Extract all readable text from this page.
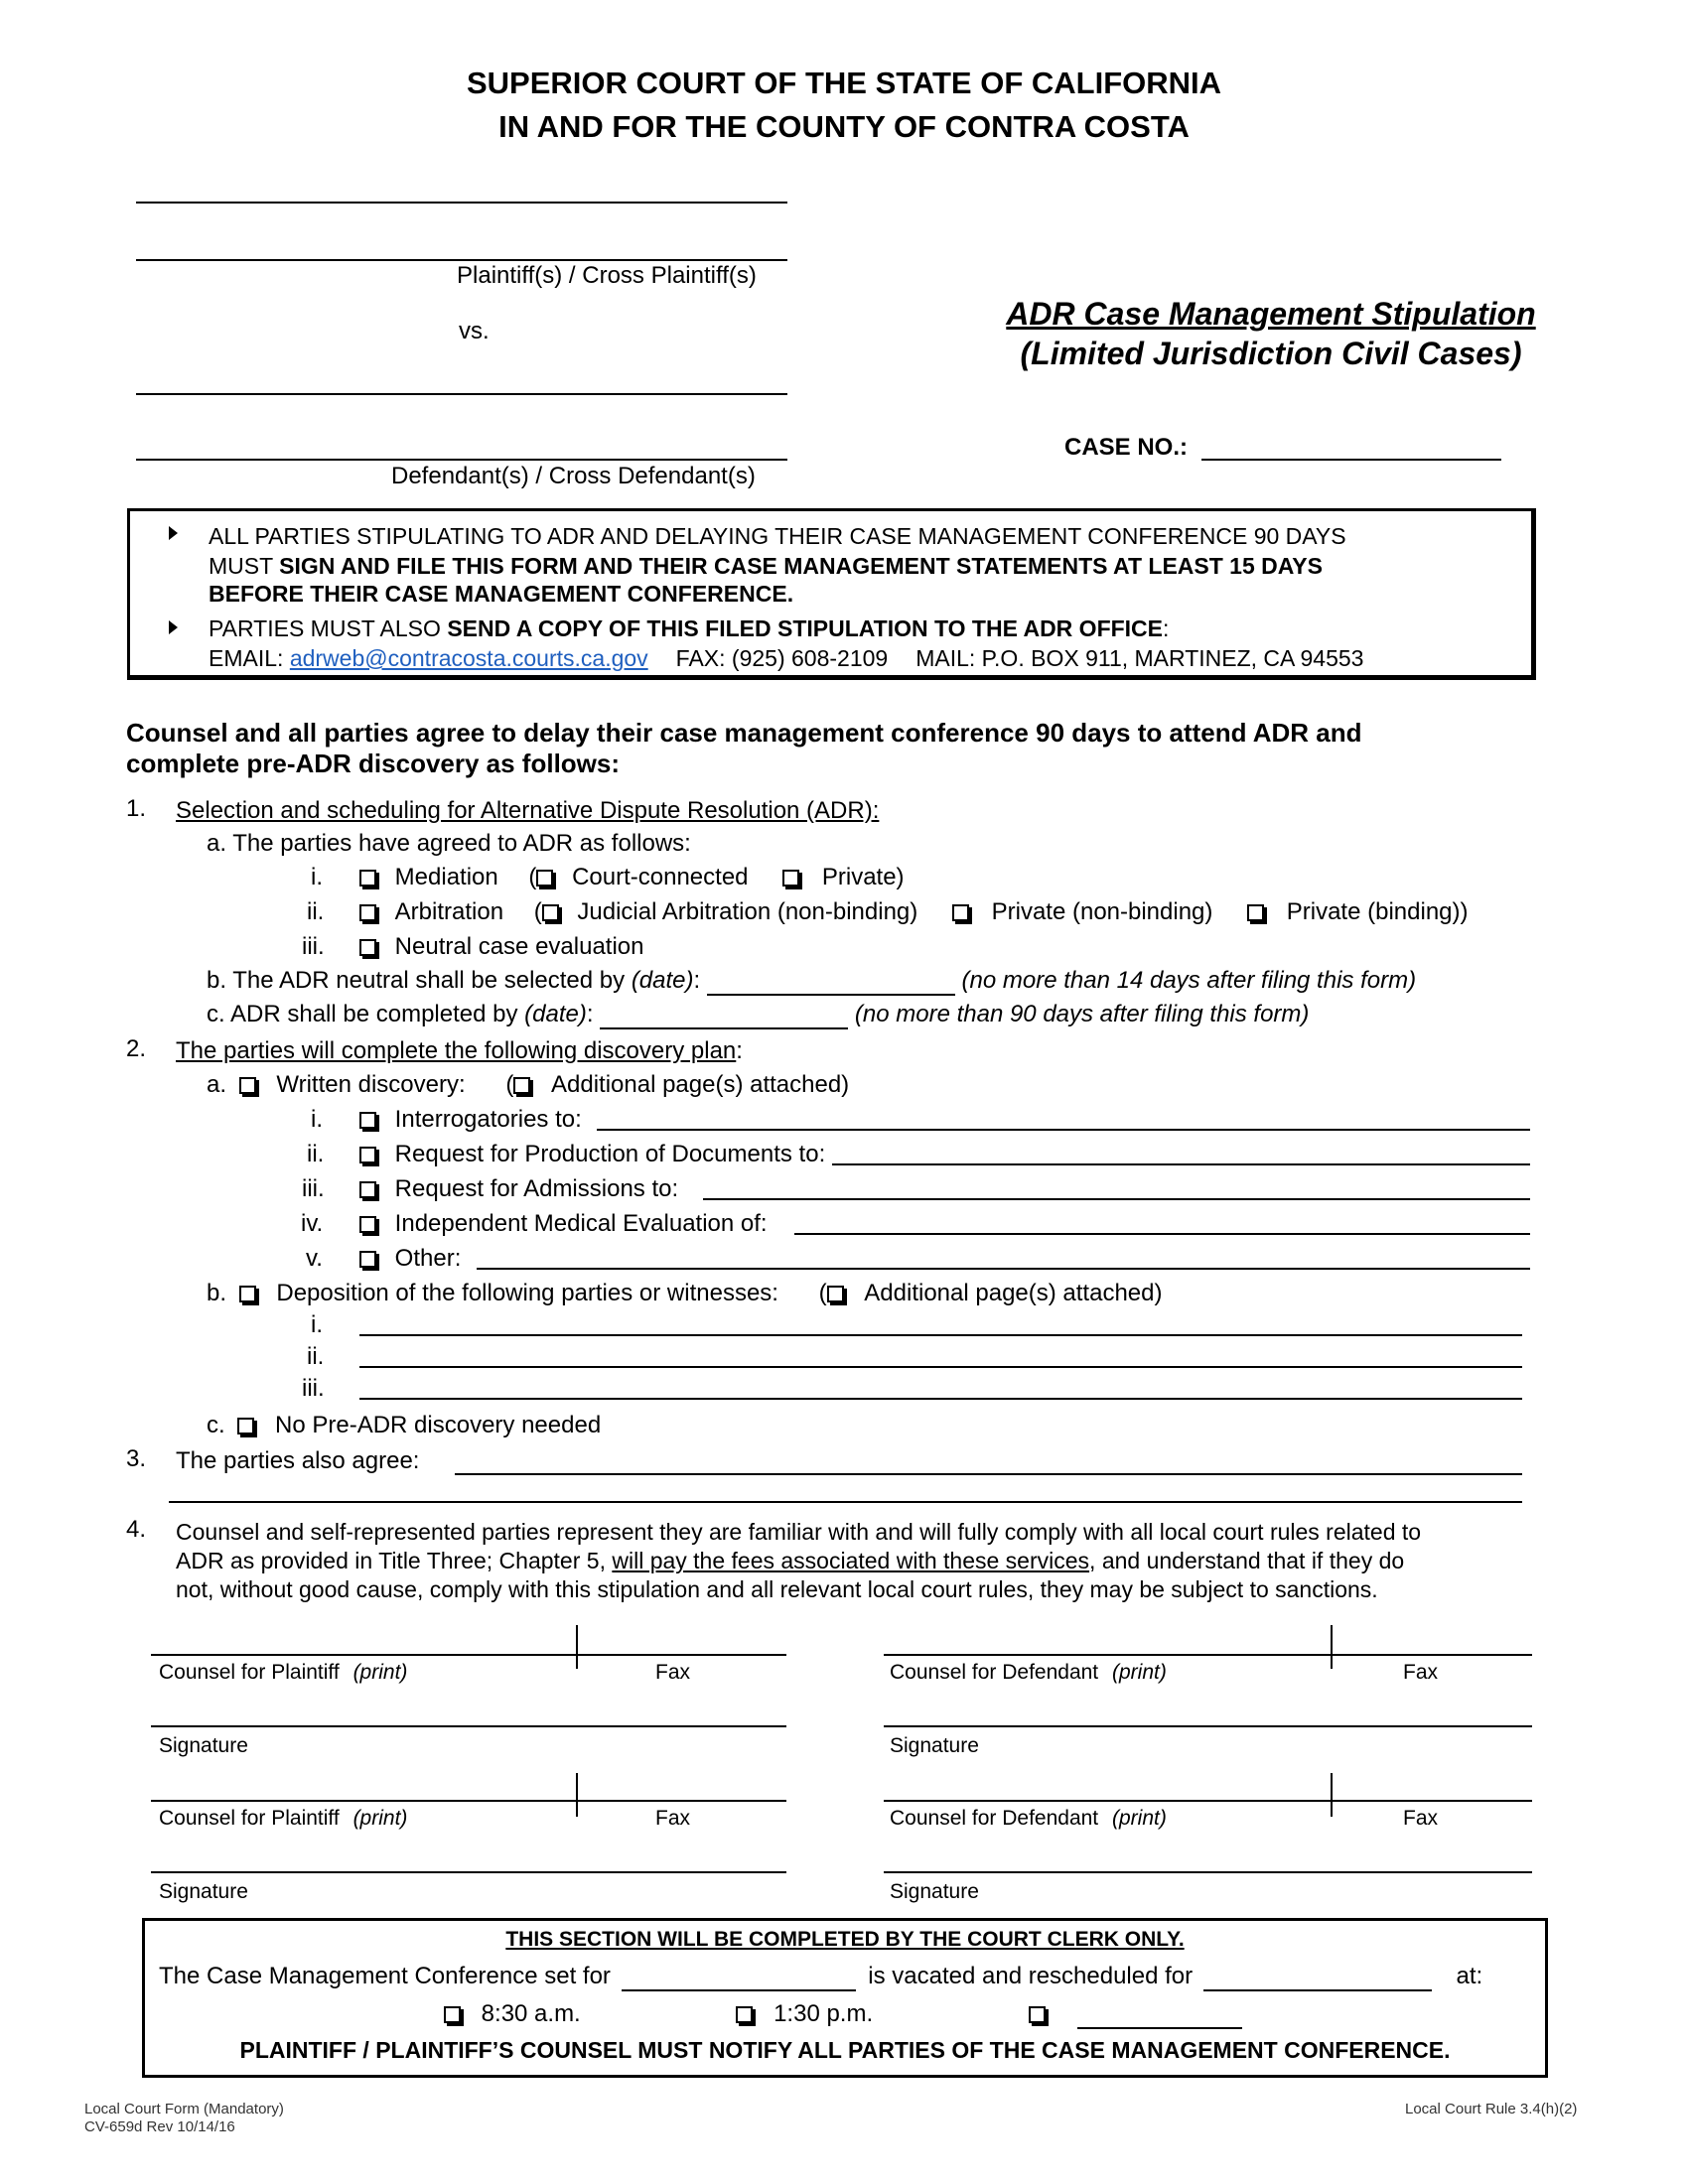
SUPERIOR COURT OF THE STATE OF CALIFORNIA
IN AND FOR THE COUNTY OF CONTRA COSTA
Plaintiff(s) / Cross Plaintiff(s)
vs.
Defendant(s) / Cross Defendant(s)
ADR Case Management Stipulation
(Limited Jurisdiction Civil Cases)
CASE NO.:
ALL PARTIES STIPULATING TO ADR AND DELAYING THEIR CASE MANAGEMENT CONFERENCE 90 DAYS
MUST SIGN AND FILE THIS FORM AND THEIR CASE MANAGEMENT STATEMENTS AT LEAST 15 DAYS
BEFORE THEIR CASE MANAGEMENT CONFERENCE.
PARTIES MUST ALSO SEND A COPY OF THIS FILED STIPULATION TO THE ADR OFFICE:
EMAIL: adrweb@contracosta.courts.ca.gov FAX: (925) 608-2109 MAIL: P.O. BOX 911, MARTINEZ, CA 94553
Counsel and all parties agree to delay their case management conference 90 days to attend ADR and
complete pre-ADR discovery as follows:
1. Selection and scheduling for Alternative Dispute Resolution (ADR):
a. The parties have agreed to ADR as follows:
i.	Mediation ( Court-connected	Private)
ii.	Arbitration ( Judicial Arbitration (non-binding)	Private (non-binding)	Private (binding))
iii.	Neutral case evaluation
b. The ADR neutral shall be selected by (date):	(no more than 14 days after filing this form)
c. ADR shall be completed by (date):	(no more than 90 days after filing this form)
2. The parties will complete the following discovery plan:
a. Written discovery: ( Additional page(s) attached)
i.	Interrogatories to:
ii.	Request for Production of Documents to:
iii.	Request for Admissions to:
iv.	Independent Medical Evaluation of:
v.	Other:
b. Deposition of the following parties or witnesses: ( Additional page(s) attached)
i.
ii.
iii.
c. No Pre-ADR discovery needed
3. The parties also agree:
4. Counsel and self-represented parties represent they are familiar with and will fully comply with all local court rules related to
ADR as provided in Title Three; Chapter 5, will pay the fees associated with these services, and understand that if they do
not, without good cause, comply with this stipulation and all relevant local court rules, they may be subject to sanctions.
Counsel for Plaintiff (print)	Fax
Signature
Counsel for Defendant (print)	Fax
Signature
Counsel for Plaintiff (print)	Fax
Signature
Counsel for Defendant (print)	Fax
Signature
THIS SECTION WILL BE COMPLETED BY THE COURT CLERK ONLY.
The Case Management Conference set for	is vacated and rescheduled for	at:
8:30 a.m.	1:30 p.m.
PLAINTIFF / PLAINTIFF’S COUNSEL MUST NOTIFY ALL PARTIES OF THE CASE MANAGEMENT CONFERENCE.
Local Court Form (Mandatory)
CV-659d Rev 10/14/16
Local Court Rule 3.4(h)(2)
